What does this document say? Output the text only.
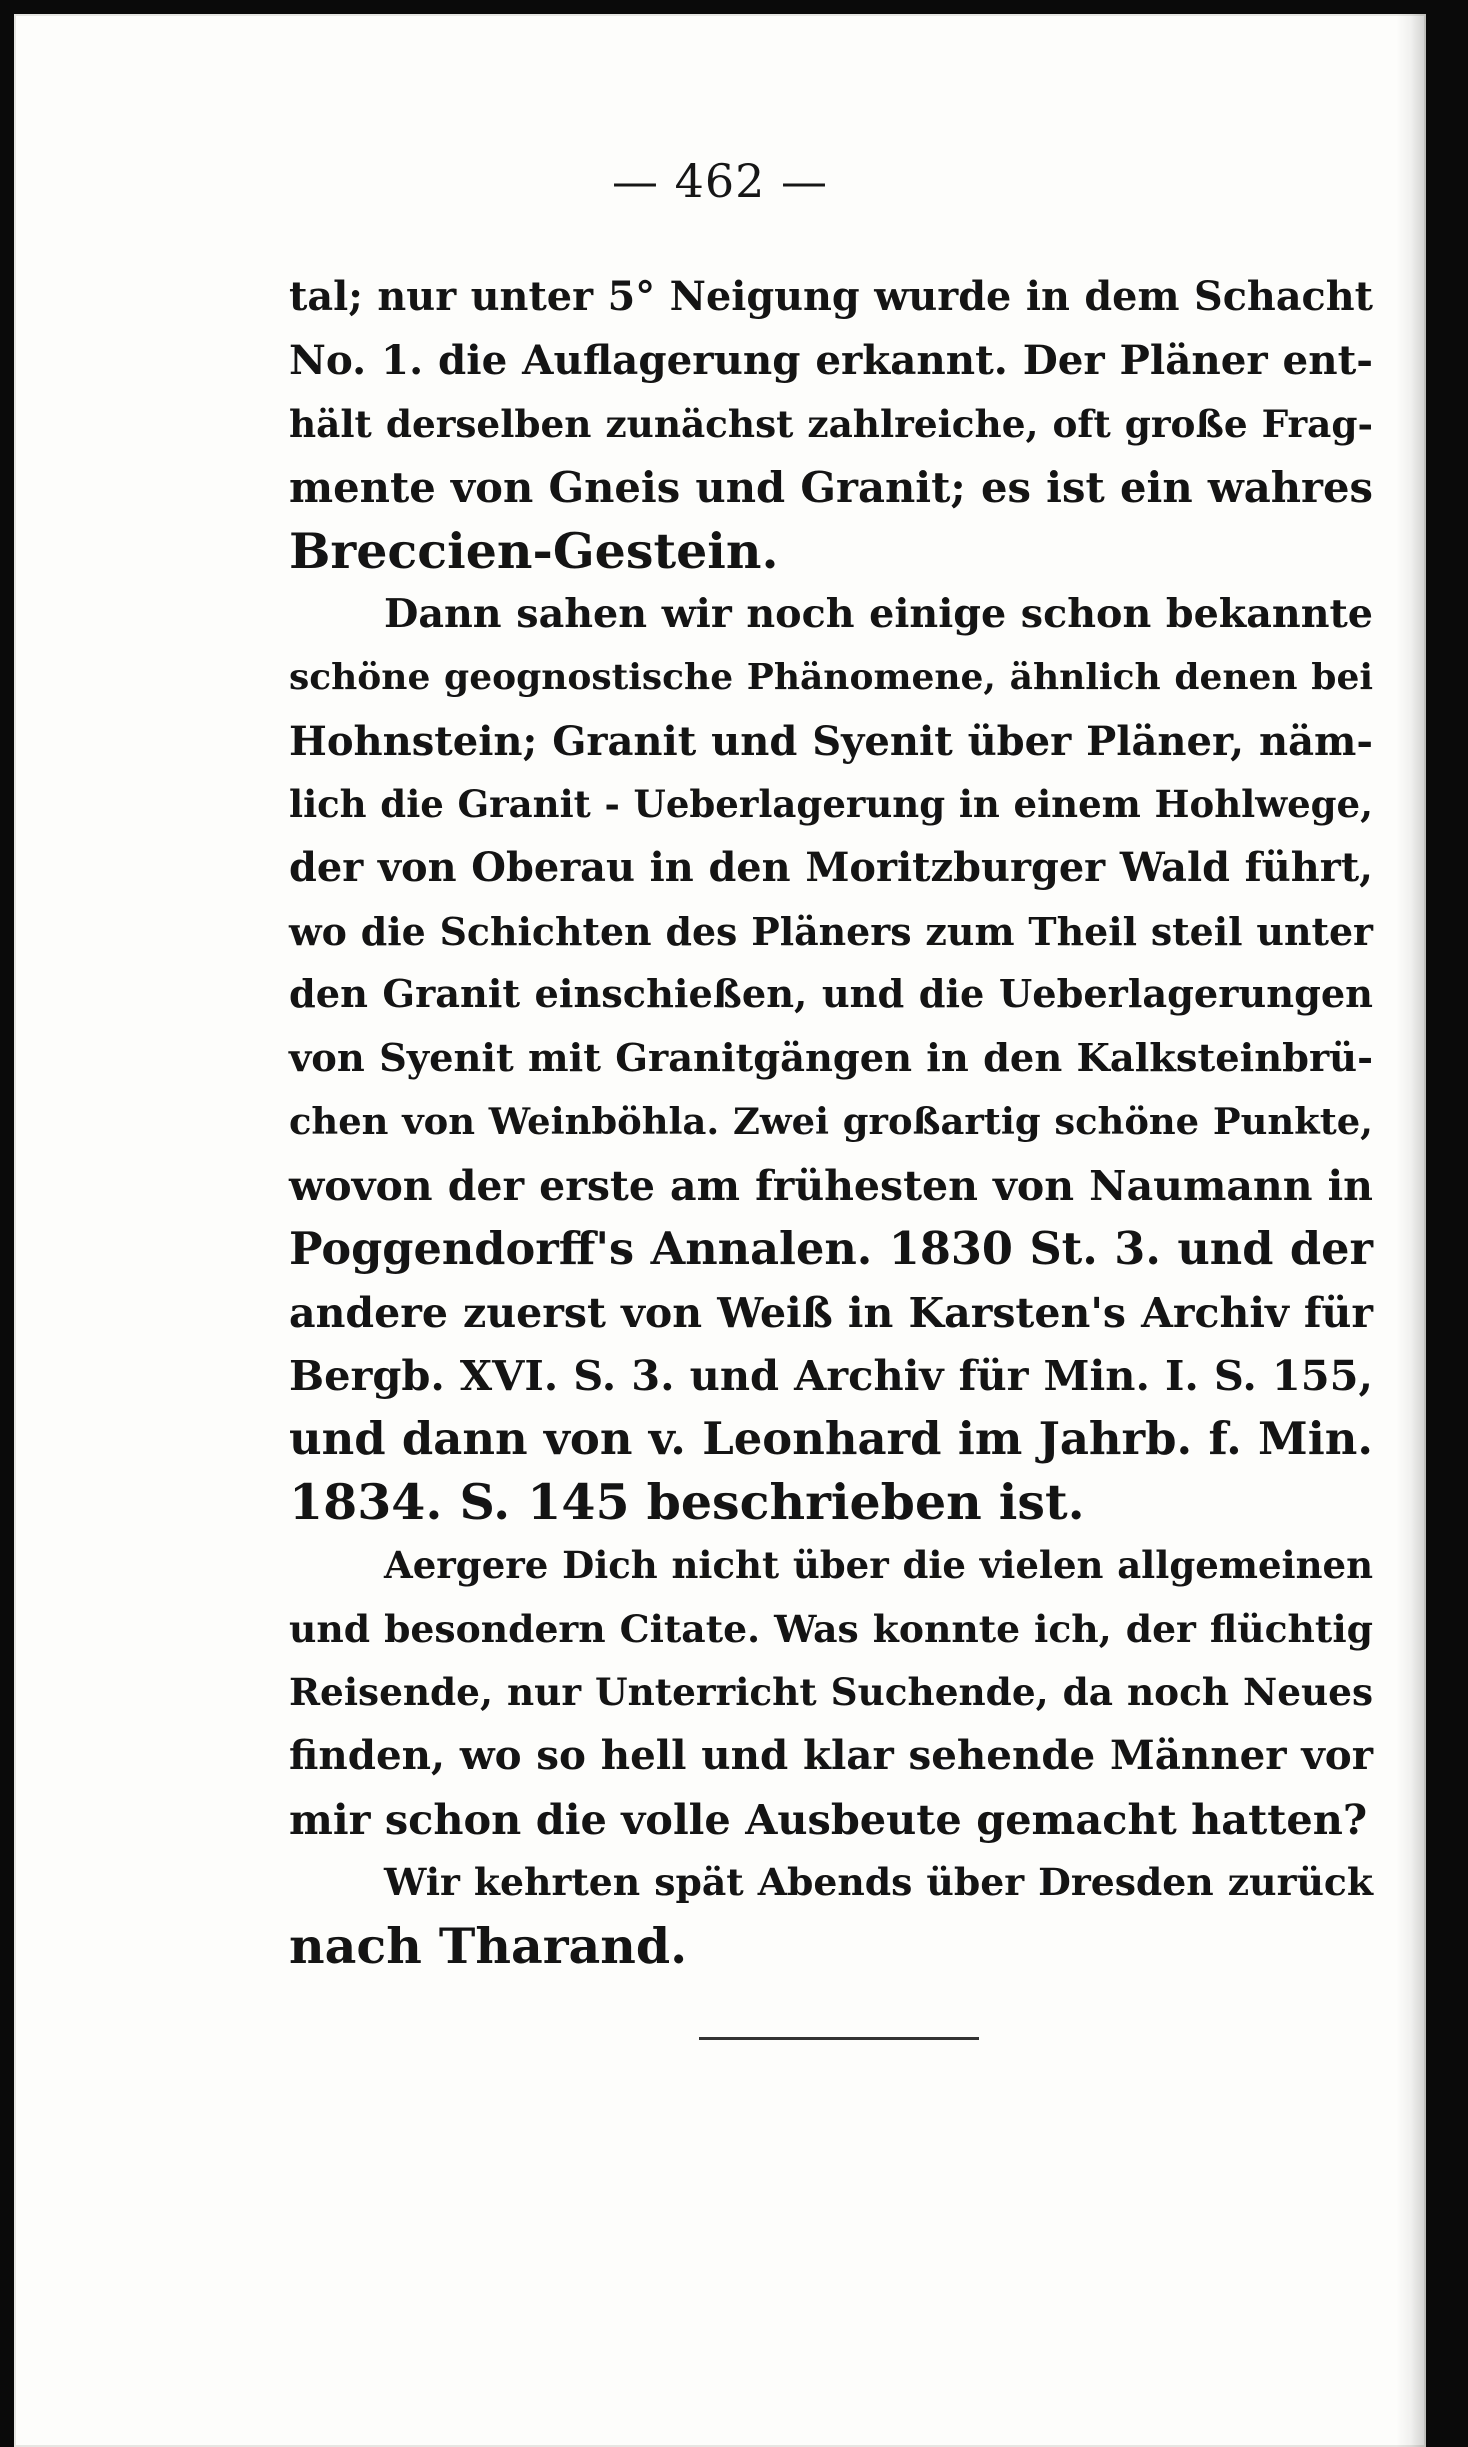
— 462 —

tal; nur unter 5° Neigung wurde in dem Schacht
No. 1. die Auflagerung erkannt. Der Pläner ent-
hält derselben zunächst zahlreiche, oft große Frag-
mente von Gneis und Granit; es ist ein wahres
Breccien-Gestein.

Dann sahen wir noch einige schon bekannte
schöne geognostische Phänomene, ähnlich denen bei
Hohnstein; Granit und Syenit über Pläner, näm-
lich die Granit - Ueberlagerung in einem Hohlwege,
der von Oberau in den Moritzburger Wald führt,
wo die Schichten des Pläners zum Theil steil unter
den Granit einschießen, und die Ueberlagerungen
von Syenit mit Granitgängen in den Kalksteinbrü-
chen von Weinböhla. Zwei großartig schöne Punkte,
wovon der erste am frühesten von Naumann in
Poggendorff's Annalen. 1830 St. 3. und der
andere zuerst von Weiß in Karsten's Archiv für
Bergb. XVI. S. 3. und Archiv für Min. I. S. 155,
und dann von v. Leonhard im Jahrb. f. Min.
1834. S. 145 beschrieben ist.

Aergere Dich nicht über die vielen allgemeinen
und besondern Citate. Was konnte ich, der flüchtig
Reisende, nur Unterricht Suchende, da noch Neues
finden, wo so hell und klar sehende Männer vor
mir schon die volle Ausbeute gemacht hatten?

Wir kehrten spät Abends über Dresden zurück
nach Tharand.
